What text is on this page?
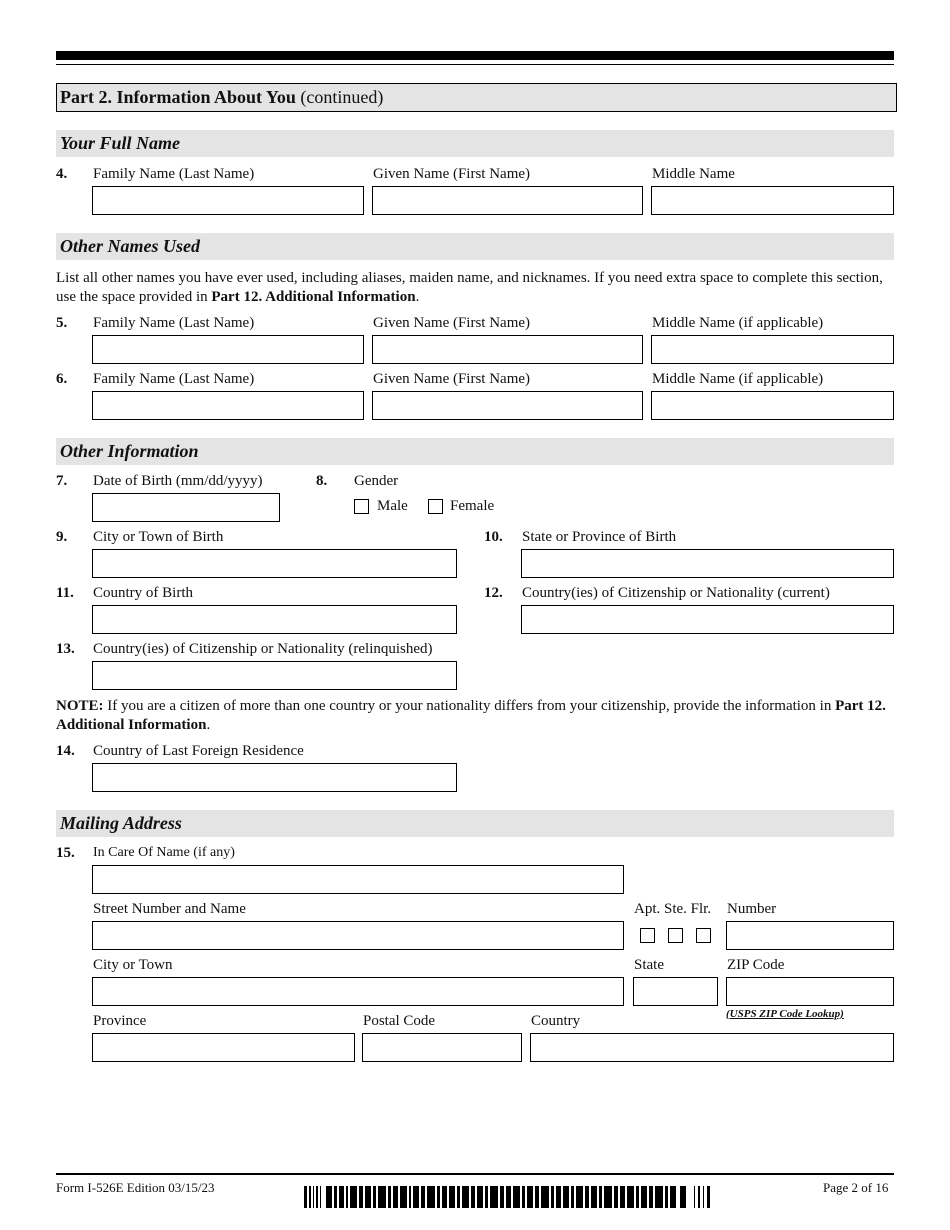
Part 2. Information About You (continued)
Your Full Name
4. Family Name (Last Name)	Given Name (First Name)	Middle Name
Other Names Used
List all other names you have ever used, including aliases, maiden name, and nicknames. If you need extra space to complete this section, use the space provided in Part 12. Additional Information.
5. Family Name (Last Name)	Given Name (First Name)	Middle Name (if applicable)
6. Family Name (Last Name)	Given Name (First Name)	Middle Name (if applicable)
Other Information
7. Date of Birth (mm/dd/yyyy)	8. Gender
Male	Female
9. City or Town of Birth	10. State or Province of Birth
11. Country of Birth	12. Country(ies) of Citizenship or Nationality (current)
13. Country(ies) of Citizenship or Nationality (relinquished)
NOTE: If you are a citizen of more than one country or your nationality differs from your citizenship, provide the information in Part 12. Additional Information.
14. Country of Last Foreign Residence
Mailing Address
15. In Care Of Name (if any)
Street Number and Name	Apt. Ste. Flr. Number
City or Town	State	ZIP Code
(USPS ZIP Code Lookup)
Province	Postal Code	Country
Form I-526E Edition 03/15/23	Page 2 of 16
